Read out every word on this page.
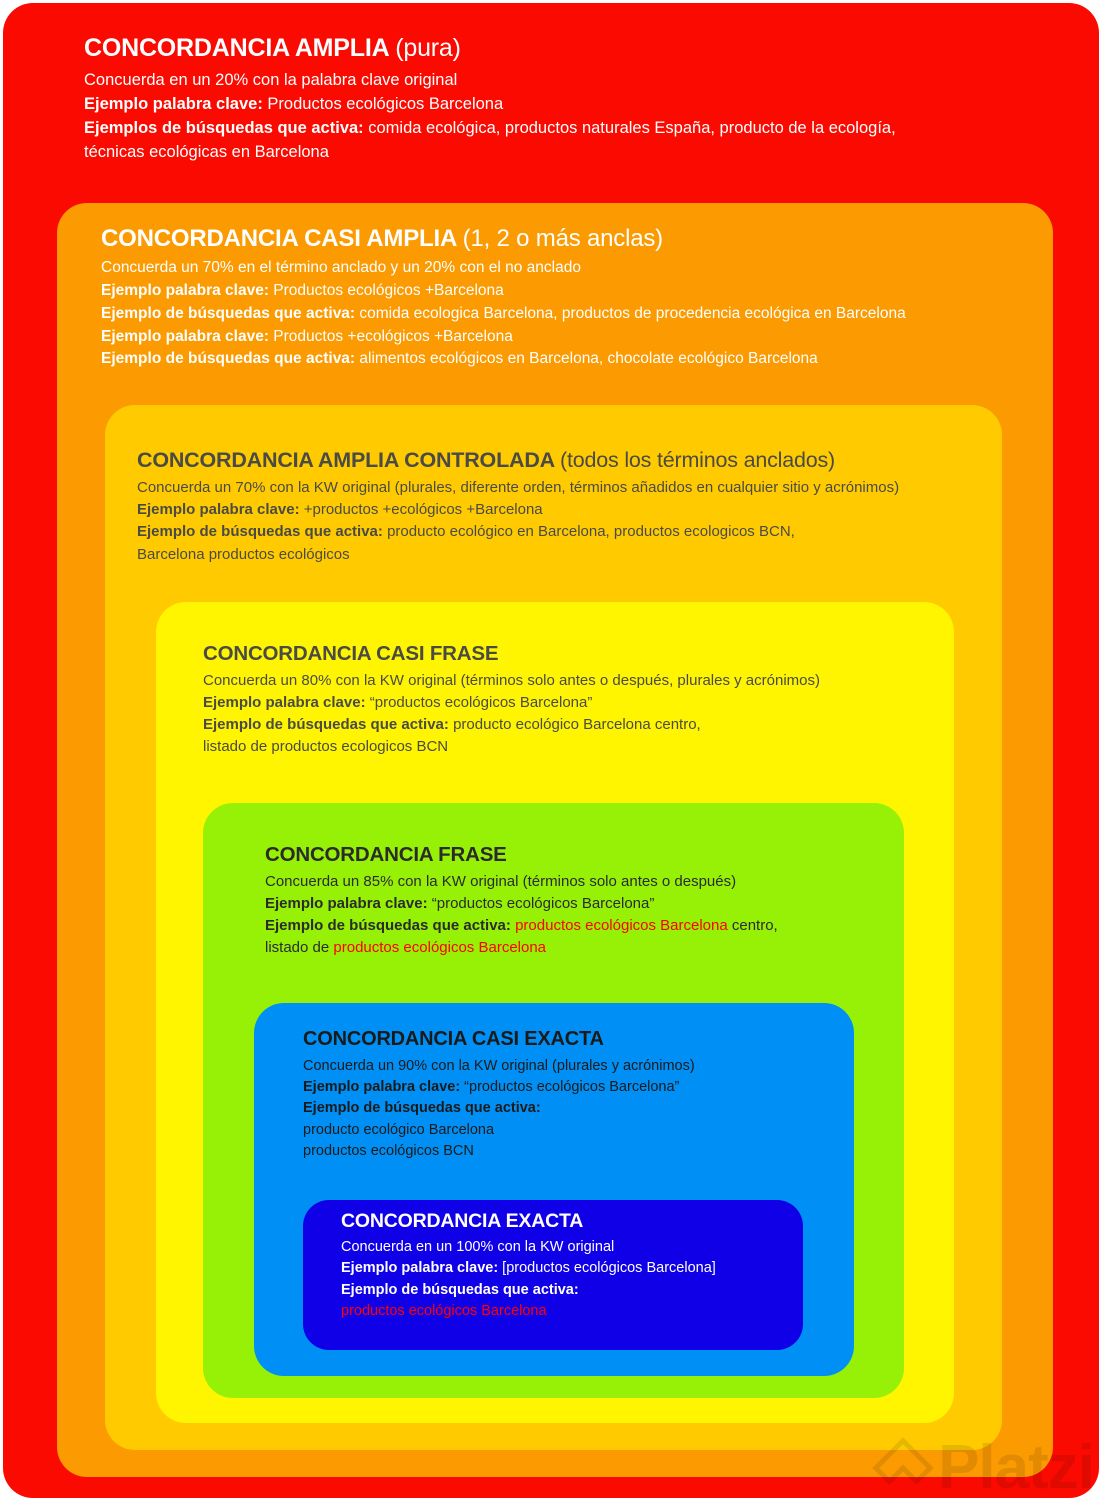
CONCORDANCIA AMPLIA (pura)

Concuerda en un 20% con la palabra clave original

Ejemplo palabra clave: Productos ecológicos Barcelona

Ejemplos de búsquedas que activa: comida ecológica, productos naturales España, producto de la ecología,

técnicas ecológicas en Barcelona

CONCORDANCIA CASI AMPLIA (1, 2 o más anclas)

Concuerda un 70% en el término anclado y un 20% con el no anclado

Ejemplo palabra clave: Productos ecológicos +Barcelona

Ejemplo de búsquedas que activa: comida ecologica Barcelona, productos de procedencia ecológica en Barcelona

Ejemplo palabra clave: Productos +ecológicos +Barcelona

Ejemplo de búsquedas que activa: alimentos ecológicos en Barcelona, chocolate ecológico Barcelona

CONCORDANCIA AMPLIA CONTROLADA (todos los términos anclados)

Concuerda un 70% con la KW original (plurales, diferente orden, términos añadidos en cualquier sitio y acrónimos)

Ejemplo palabra clave: +productos +ecológicos +Barcelona

Ejemplo de búsquedas que activa: producto ecológico en Barcelona, productos ecologicos BCN,

Barcelona productos ecológicos

CONCORDANCIA CASI FRASE

Concuerda un 80% con la KW original (términos solo antes o después, plurales y acrónimos)

Ejemplo palabra clave: “productos ecológicos Barcelona”

Ejemplo de búsquedas que activa: producto ecológico Barcelona centro,

listado de productos ecologicos BCN

CONCORDANCIA FRASE

Concuerda un 85% con la KW original (términos solo antes o después)

Ejemplo palabra clave: “productos ecológicos Barcelona”

Ejemplo de búsquedas que activa: productos ecológicos Barcelona centro,

listado de productos ecológicos Barcelona

CONCORDANCIA CASI EXACTA

Concuerda un 90% con la KW original (plurales y acrónimos)

Ejemplo palabra clave: “productos ecológicos Barcelona”

Ejemplo de búsquedas que activa:

producto ecológico Barcelona

productos ecológicos BCN

CONCORDANCIA EXACTA

Concuerda en un 100% con la KW original

Ejemplo palabra clave: [productos ecológicos Barcelona]

Ejemplo de búsquedas que activa:

productos ecológicos Barcelona
